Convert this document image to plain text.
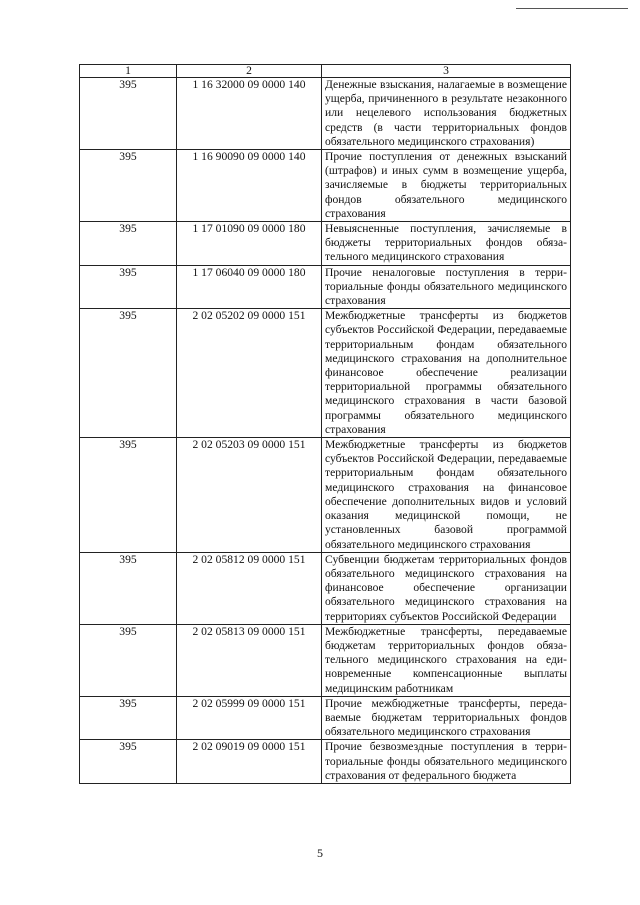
1	2	3
395	1 16 32000 09 0000 140	Денежные взыскания, налагаемые в возмещение ущерба, причиненного в результате незаконного или нецелевого использования бюджетных средств (в части территориальных фондов обязательного медицинского страхования)
395	1 16 90090 09 0000 140	Прочие поступления от денежных взысканий (штрафов) и иных сумм в возмещение ущерба, зачисляемые в бюджеты территориальных фондов обязательного медицинского страхования
395	1 17 01090 09 0000 180	Невыясненные поступления, зачисляемые в бюджеты территориальных фондов обязательного медицинского страхования
395	1 17 06040 09 0000 180	Прочие неналоговые поступления в территориальные фонды обязательного медицинского страхования
395	2 02 05202 09 0000 151	Межбюджетные трансферты из бюджетов субъектов Российской Федерации, передаваемые территориальным фондам обязательного медицинского страхования на дополнительное финансовое обеспечение реализации территориальной программы обязательного медицинского страхования в части базовой программы обязательного медицинского страхования
395	2 02 05203 09 0000 151	Межбюджетные трансферты из бюджетов субъектов Российской Федерации, передаваемые территориальным фондам обязательного медицинского страхования на финансовое обеспечение дополнительных видов и условий оказания медицинской помощи, не установленных базовой программой обязательного медицинского страхования
395	2 02 05812 09 0000 151	Субвенции бюджетам территориальных фондов обязательного медицинского страхования на финансовое обеспечение организации обязательного медицинского страхования на территориях субъектов Российской Федерации
395	2 02 05813 09 0000 151	Межбюджетные трансферты, передаваемые бюджетам территориальных фондов обязательного медицинского страхования на единовременные компенсационные выплаты медицинским работникам
395	2 02 05999 09 0000 151	Прочие межбюджетные трансферты, передаваемые бюджетам территориальных фондов обязательного медицинского страхования
395	2 02 09019 09 0000 151	Прочие безвозмездные поступления в территориальные фонды обязательного медицинского страхования от федерального бюджета
5
